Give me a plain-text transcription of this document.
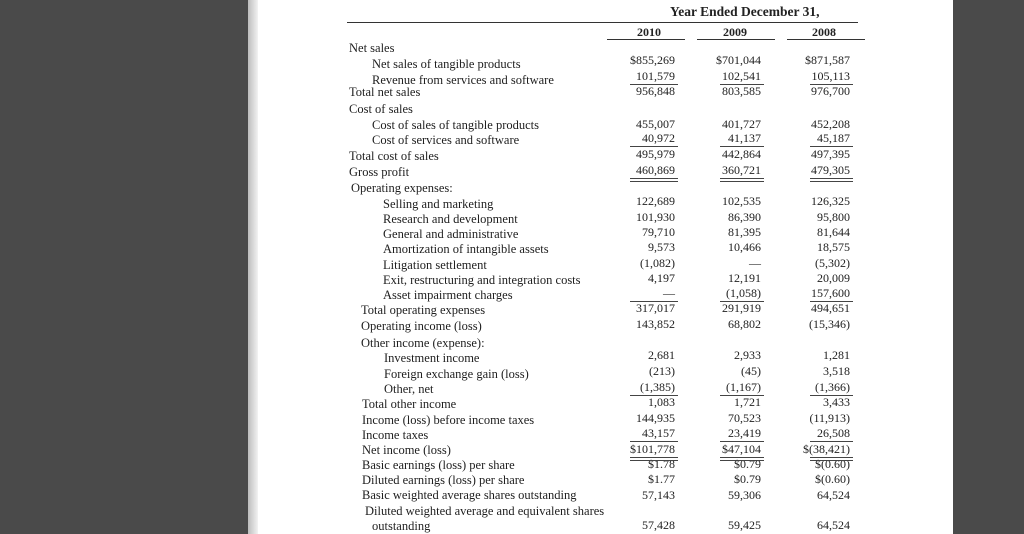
Year Ended December 31,
2010	2009	2008
Net sales
Net sales of tangible products	$855,269	$701,044	$871,587
Revenue from services and software	101,579	102,541	105,113
Total net sales	956,848	803,585	976,700
Cost of sales
Cost of sales of tangible products	455,007	401,727	452,208
Cost of services and software	40,972	41,137	45,187
Total cost of sales	495,979	442,864	497,395
Gross profit	460,869	360,721	479,305
Operating expenses:
Selling and marketing	122,689	102,535	126,325
Research and development	101,930	86,390	95,800
General and administrative	79,710	81,395	81,644
Amortization of intangible assets	9,573	10,466	18,575
Litigation settlement	(1,082)	—	(5,302)
Exit, restructuring and integration costs	4,197	12,191	20,009
Asset impairment charges	—	(1,058)	157,600
Total operating expenses	317,017	291,919	494,651
Operating income (loss)	143,852	68,802	(15,346)
Other income (expense):
Investment income	2,681	2,933	1,281
Foreign exchange gain (loss)	(213)	(45)	3,518
Other, net	(1,385)	(1,167)	(1,366)
Total other income	1,083	1,721	3,433
Income (loss) before income taxes	144,935	70,523	(11,913)
Income taxes	43,157	23,419	26,508
Net income (loss)	$101,778	$47,104	$(38,421)
Basic earnings (loss) per share	$1.78	$0.79	$(0.60)
Diluted earnings (loss) per share	$1.77	$0.79	$(0.60)
Basic weighted average shares outstanding	57,143	59,306	64,524
Diluted weighted average and equivalent shares
outstanding	57,428	59,425	64,524
